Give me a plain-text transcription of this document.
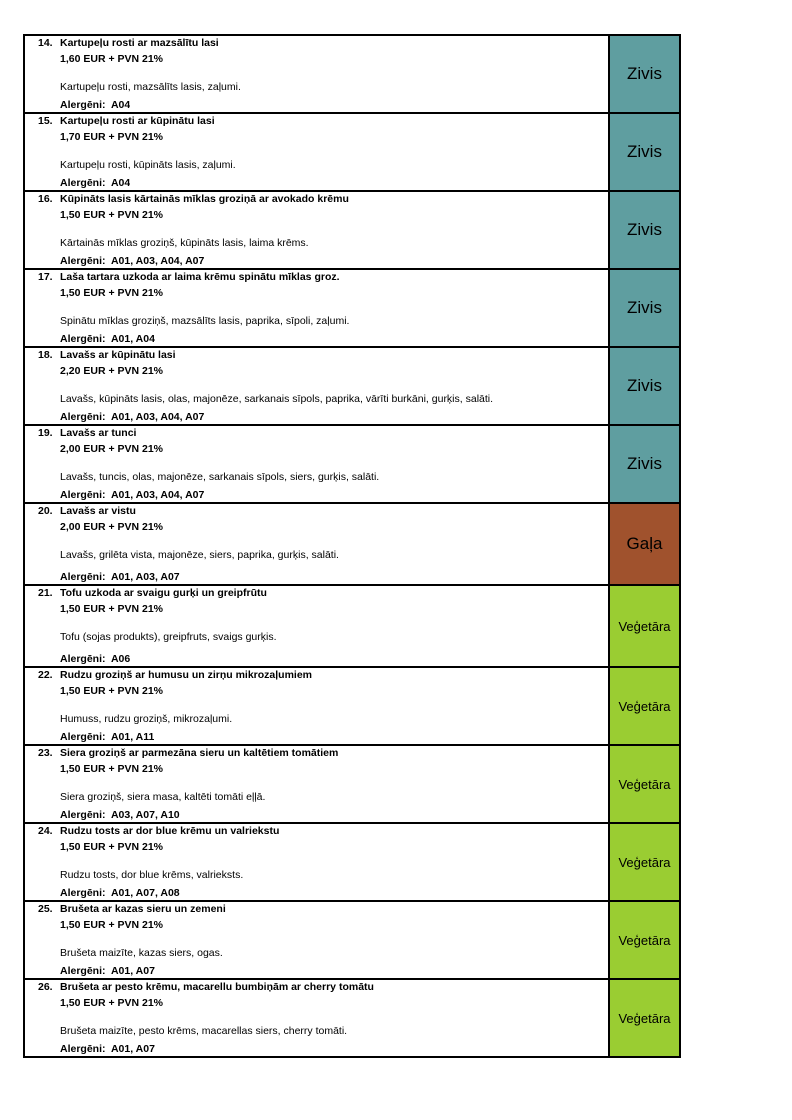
14. Kartupeļu rosti ar mazsālītu lasi
1,60 EUR + PVN 21%
Kartupeļu rosti, mazsālīts lasis, zaļumi.
Alergēni: A04	Zivis

15. Kartupeļu rosti ar kūpinātu lasi
1,70 EUR + PVN 21%
Kartupeļu rosti, kūpināts lasis, zaļumi.
Alergēni: A04	Zivis

16. Kūpināts lasis kārtainās mīklas groziņā ar avokado krēmu
1,50 EUR + PVN 21%
Kārtainās mīklas groziņš, kūpināts lasis, laima krēms.
Alergēni: A01, A03, A04, A07	Zivis

17. Laša tartara uzkoda ar laima krēmu spinātu mīklas groz.
1,50 EUR + PVN 21%
Spinātu mīklas groziņš, mazsālīts lasis, paprika, sīpoli, zaļumi.
Alergēni: A01, A04	Zivis

18. Lavašs ar kūpinātu lasi
2,20 EUR + PVN 21%
Lavašs, kūpināts lasis, olas, majonēze, sarkanais sīpols, paprika, vārīti burkāni, gurķis, salāti.
Alergēni: A01, A03, A04, A07	Zivis

19. Lavašs ar tunci
2,00 EUR + PVN 21%
Lavašs, tuncis, olas, majonēze, sarkanais sīpols, siers, gurķis, salāti.
Alergēni: A01, A03, A04, A07	Zivis

20. Lavašs ar vistu
2,00 EUR + PVN 21%
Lavašs, grilēta vista, majonēze, siers, paprika, gurķis, salāti.
Alergēni: A01, A03, A07	Gaļa

21. Tofu uzkoda ar svaigu gurķi un greipfrūtu
1,50 EUR + PVN 21%
Tofu (sojas produkts), greipfruts, svaigs gurķis.
Alergēni: A06	Veģetāra

22. Rudzu groziņš ar humusu un zirņu mikrozaļumiem
1,50 EUR + PVN 21%
Humuss, rudzu groziņš, mikrozaļumi.
Alergēni: A01, A11	Veģetāra

23. Siera groziņš ar parmezāna sieru un kaltētiem tomātiem
1,50 EUR + PVN 21%
Siera groziņš, siera masa, kaltēti tomāti eļļā.
Alergēni: A03, A07, A10	Veģetāra

24. Rudzu tosts ar dor blue krēmu un valriekstu
1,50 EUR + PVN 21%
Rudzu tosts, dor blue krēms, valrieksts.
Alergēni: A01, A07, A08	Veģetāra

25. Brušeta ar kazas sieru un zemeni
1,50 EUR + PVN 21%
Brušeta maizīte, kazas siers, ogas.
Alergēni: A01, A07	Veģetāra

26. Brušeta ar pesto krēmu, macarellu bumbiņām ar cherry tomātu
1,50 EUR + PVN 21%
Brušeta maizīte, pesto krēms, macarellas siers, cherry tomāti.
Alergēni: A01, A07	Veģetāra
